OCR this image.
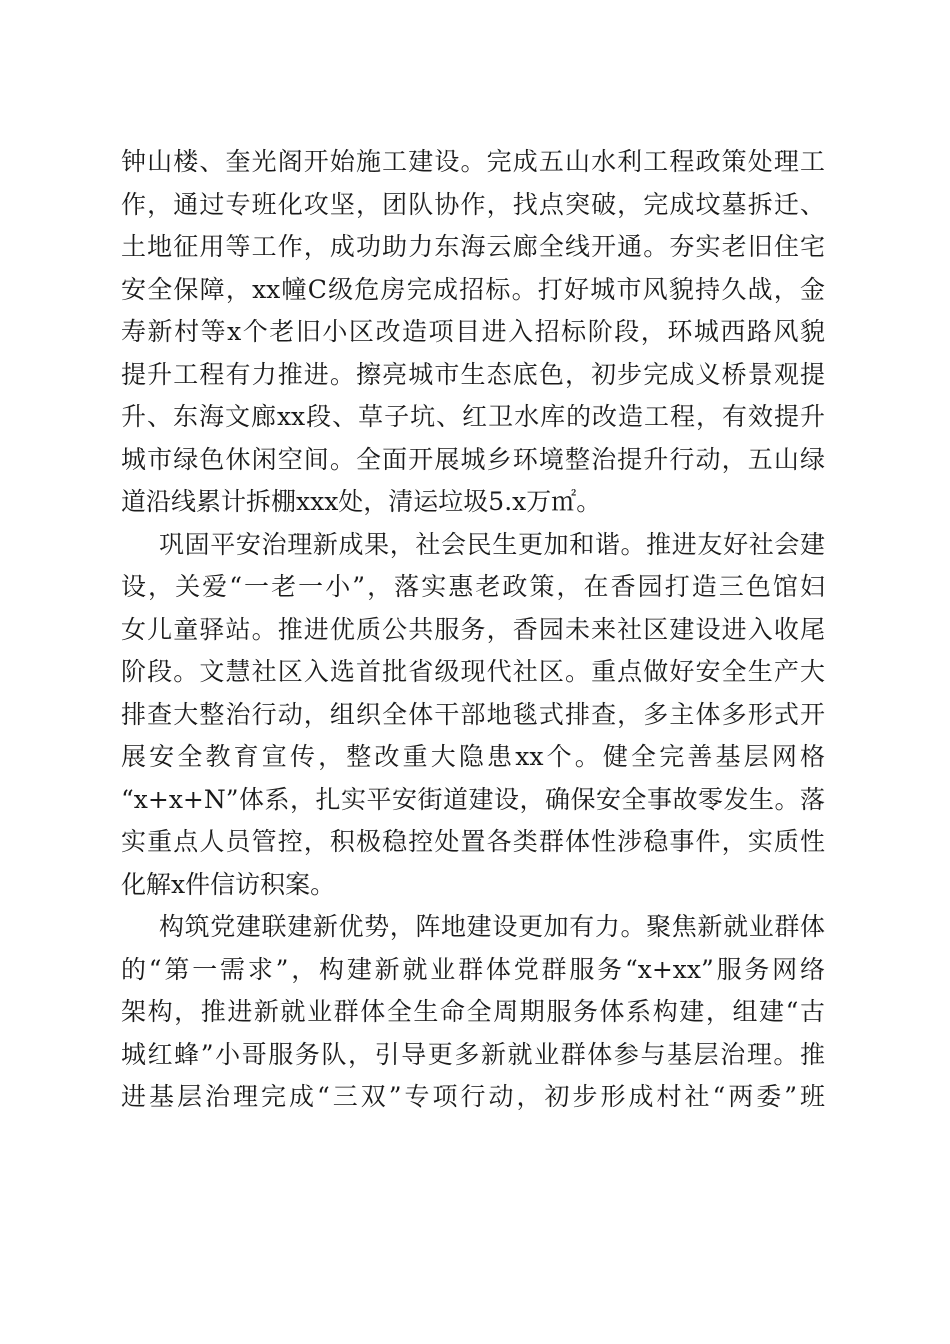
钟山楼、奎光阁开始施工建设。完成五山水利工程政策处理工
作，通过专班化攻坚，团队协作，找点突破，完成坟墓拆迁、
土地征用等工作，成功助力东海云廊全线开通。夯实老旧住宅
安全保障，xx幢C级危房完成招标。打好城市风貌持久战，金
寿新村等x个老旧小区改造项目进入招标阶段，环城西路风貌
提升工程有力推进。擦亮城市生态底色，初步完成义桥景观提
升、东海文廊xx段、草子坑、红卫水库的改造工程，有效提升
城市绿色休闲空间。全面开展城乡环境整治提升行动，五山绿
道沿线累计拆棚xxx处，清运垃圾5.x万㎡。
巩固平安治理新成果，社会民生更加和谐。推进友好社会建
设，关爱“一老一小”，落实惠老政策，在香园打造三色馆妇
女儿童驿站。推进优质公共服务，香园未来社区建设进入收尾
阶段。文慧社区入选首批省级现代社区。重点做好安全生产大
排查大整治行动，组织全体干部地毯式排查，多主体多形式开
展安全教育宣传，整改重大隐患xx个。健全完善基层网格
“x+x+N”体系，扎实平安街道建设，确保安全事故零发生。落
实重点人员管控，积极稳控处置各类群体性涉稳事件，实质性
化解x件信访积案。
构筑党建联建新优势，阵地建设更加有力。聚焦新就业群体
的“第一需求”，构建新就业群体党群服务“x+xx”服务网络
架构，推进新就业群体全生命全周期服务体系构建，组建“古
城红蜂”小哥服务队，引导更多新就业群体参与基层治理。推
进基层治理完成“三双”专项行动，初步形成村社“两委”班
